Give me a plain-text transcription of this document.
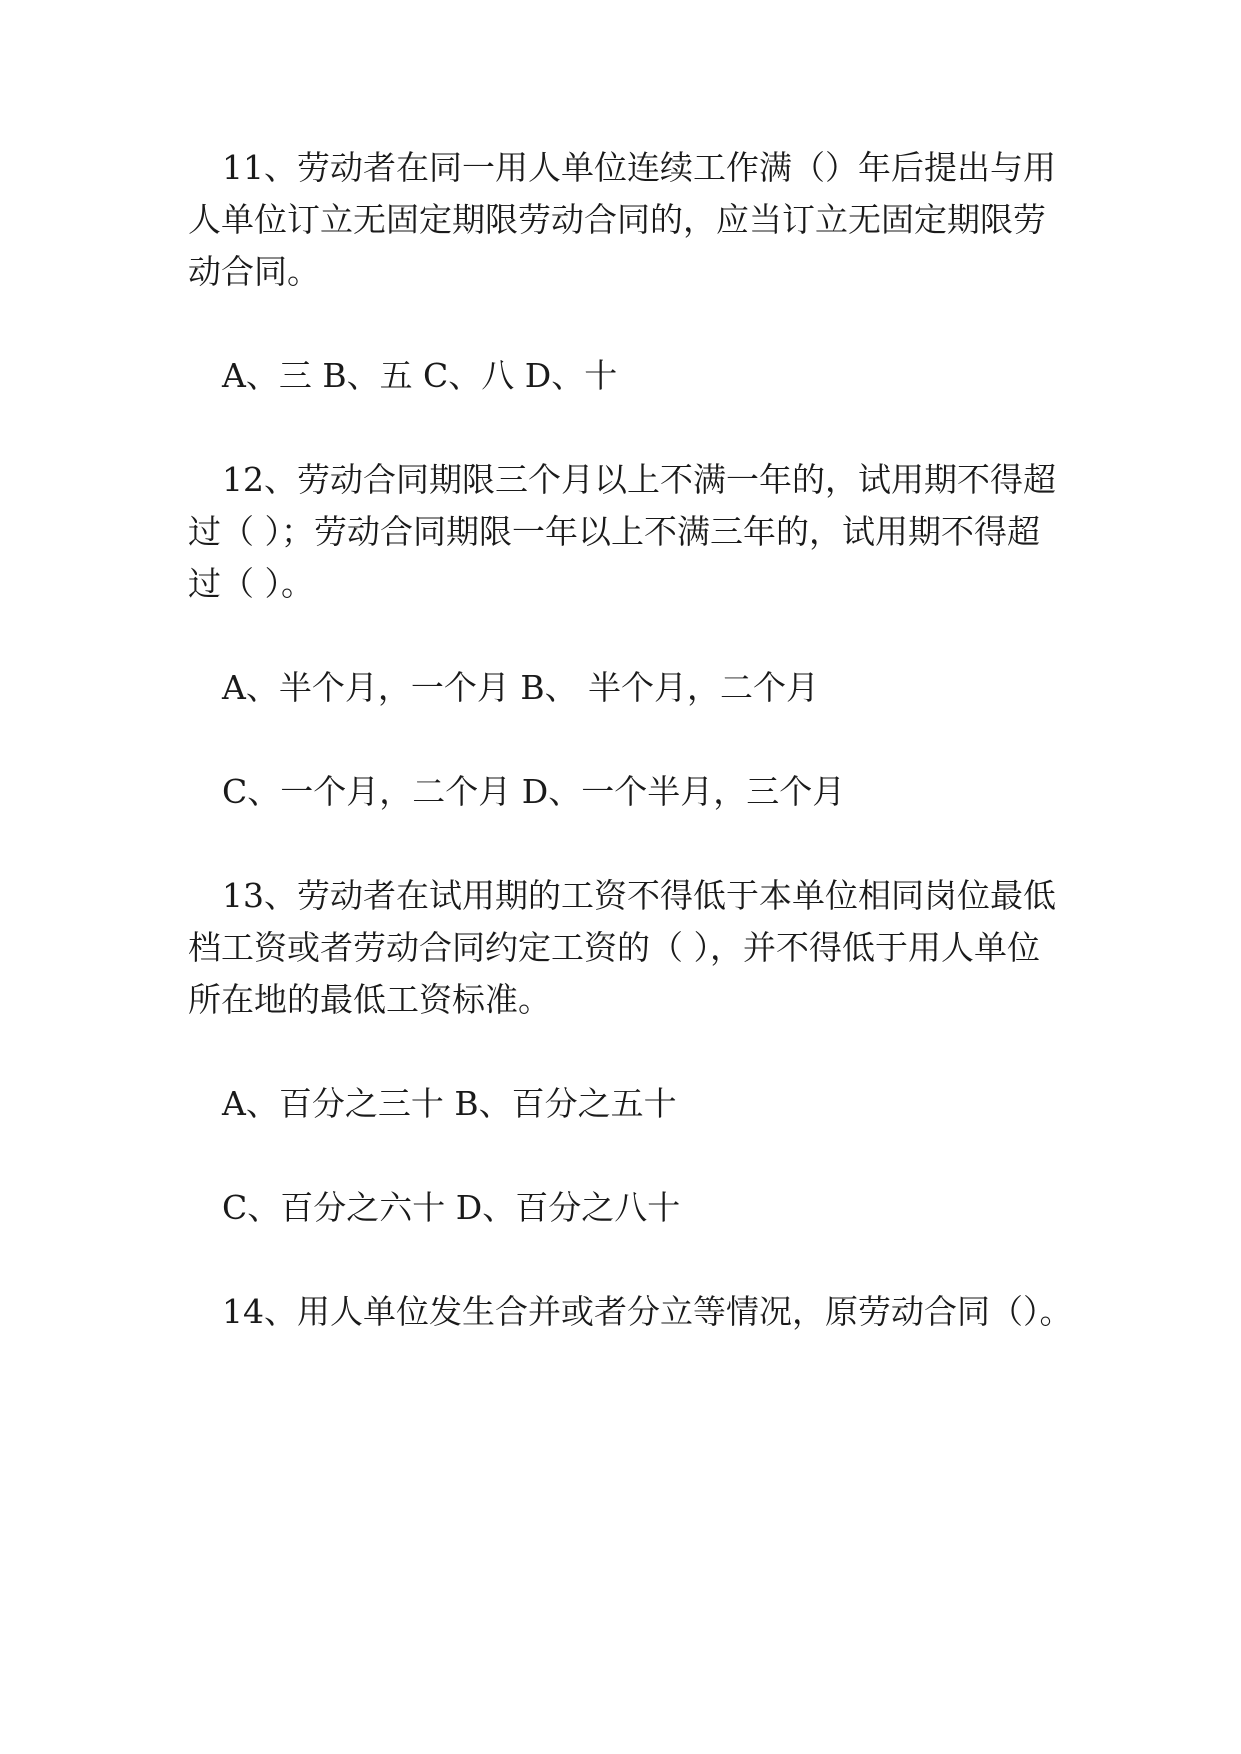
11、劳动者在同一用人单位连续工作满（）年后提出与用
人单位订立无固定期限劳动合同的，应当订立无固定期限劳
动合同。
A、三 B、五 C、八 D、十
12、劳动合同期限三个月以上不满一年的，试用期不得超
过（ ）；劳动合同期限一年以上不满三年的，试用期不得超
过（ ）。
A、半个月，一个月 B、 半个月，二个月
C、一个月，二个月 D、一个半月，三个月
13、劳动者在试用期的工资不得低于本单位相同岗位最低
档工资或者劳动合同约定工资的（ ），并不得低于用人单位
所在地的最低工资标准。
A、百分之三十 B、百分之五十
C、百分之六十 D、百分之八十
14、用人单位发生合并或者分立等情况，原劳动合同（）。
